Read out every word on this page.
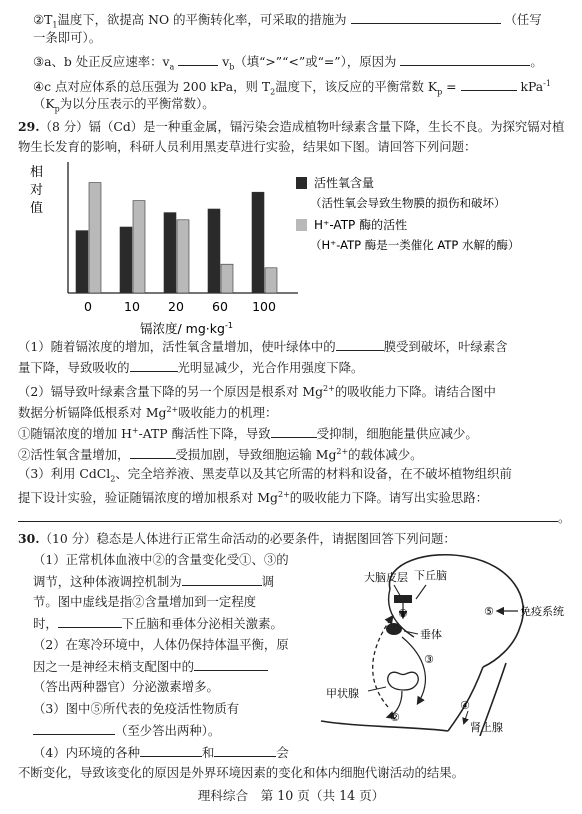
$②T_1$温度下，欲提高 NO 的平衡转化率，可采取的措施为	（任写
一条即可）。
③a、b 处正反应速率：$v_a$	$v_b$（填“>”“<”或“=”），原因为	。
④c 点对应体系的总压强为 200 kPa，则 $T_2$温度下，该反应的平衡常数 $K_p$ =	kPa$^{-1}$
（$K_p$为以分压表示的平衡常数）。
29.（8 分）镉（Cd）是一种重金属，镉污染会造成植物叶绿素含量下降，生长不良。为探究镉对植
物生长发育的影响，科研人员利用黑麦草进行实验，结果如下图。请回答下列问题：
相
对
值
0	10 20 60 100
镉浓度/ $mg\cdot kg^{-1}$
活性氧含量
（活性氧会导致生物膜的损伤和破坏）
H⁺-ATP 酶的活性
（H⁺-ATP 酶是一类催化 ATP 水解的酶）
（1）随着镉浓度的增加，活性氧含量增加，使叶绿体中的	膜受到破坏，叶绿素含
量下降，导致吸收的	光明显减少，光合作用强度下降。
（2）镉导致叶绿素含量下降的另一个原因是根系对 $Mg^{2+}$的吸收能力下降。请结合图中
数据分析镉降低根系对 $Mg^{2+}$吸收能力的机理：
①随镉浓度的增加 H+-ATP 酶活性下降，导致	受抑制，细胞能量供应减少。
②活性氧含量增加，	受损加剧，导致细胞运输 $Mg^{2+}$的载体减少。
（3）利用 CdCl$_2$、完全培养液、黑麦草以及其它所需的材料和设备，在不破坏植物组织前
提下设计实验，验证随镉浓度的增加根系对 $Mg^{2+}$的吸收能力下降。请写出实验思路：
。
30.（10 分）稳态是人体进行正常生命活动的必要条件，请据图回答下列问题：
（1）正常机体血液中②的含量变化受①、③的
调节，这种体液调控机制为	调
节。图中虚线是指②含量增加到一定程度
时，	下丘脑和垂体分泌相关激素。
（2）在寒冷环境中，人体仍保持体温平衡，原
因之一是神经末梢支配图中的
（答出两种器官）分泌激素增多。
（3）图中⑤所代表的免疫活性物质有
（至少答出两种）。
（4）内环境的各种	和	会
不断变化，导致该变化的原因是外界环境因素的变化和体内细胞代谢活动的结果。
大脑皮层 下丘脑
①
垂体
③
甲状腺
②
④
肾上腺
⑤ 免疫系统
理科综合　第 10 页（共 14 页）
